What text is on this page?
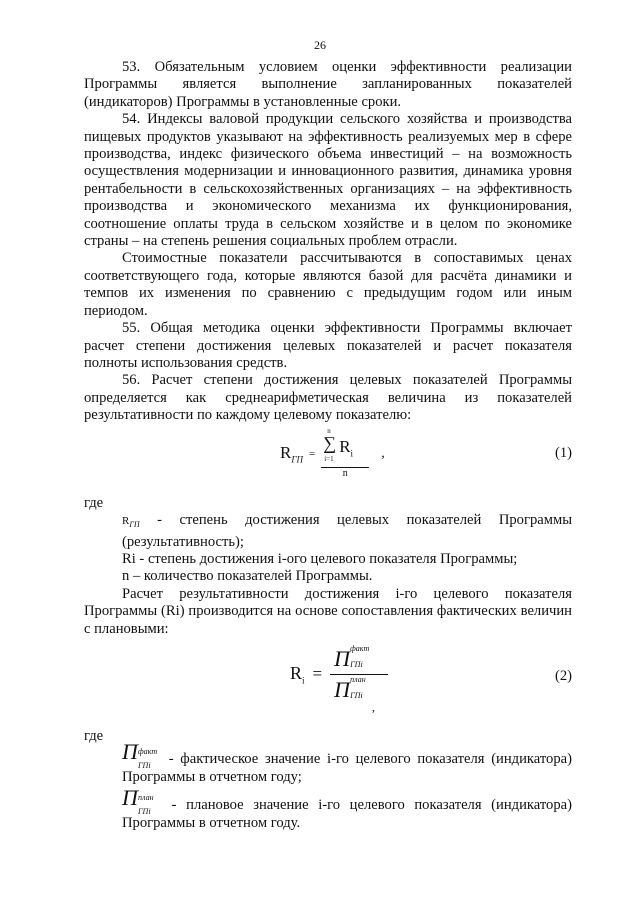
26

53. Обязательным условием оценки эффективности реализации Программы является выполнение запланированных показателей (индикаторов) Программы в установленные сроки.

54. Индексы валовой продукции сельского хозяйства и производства пищевых продуктов указывают на эффективность реализуемых мер в сфере производства, индекс физического объема инвестиций – на возможность осуществления модернизации и инновационного развития, динамика уровня рентабельности в сельскохозяйственных организациях – на эффективность производства и экономического механизма их функционирования, соотношение оплаты труда в сельском хозяйстве и в целом по экономике страны – на степень решения социальных проблем отрасли.

Стоимостные показатели рассчитываются в сопоставимых ценах соответствующего года, которые являются базой для расчёта динамики и темпов их изменения по сравнению с предыдущим годом или иным периодом.

55. Общая методика оценки эффективности Программы включает расчет степени достижения целевых показателей и расчет показателя полноты использования средств.

56. Расчет степени достижения целевых показателей Программы определяется как среднеарифметическая величина из показателей результативности по каждому целевому показателю:

$R_{ГП} = n$
∑
i=1
$R_i$
n ,	(1)

где

$R_{ГП}$ - степень достижения целевых показателей Программы (результативность);

Ri - степень достижения i-ого целевого показателя Программы;

n – количество показателей Программы.

Расчет результативности достижения i-го целевого показателя Программы (Ri) производится на основе сопоставления фактических величин с плановыми:

$R_i = П$ факт
ГПi
П план
ГПi
,
(2)

где

П факт
ГПi - фактическое значение i-го целевого показателя (индикатора) Программы в отчетном году;

П план
ГПi - плановое значение i-го целевого показателя (индикатора) Программы в отчетном году.
